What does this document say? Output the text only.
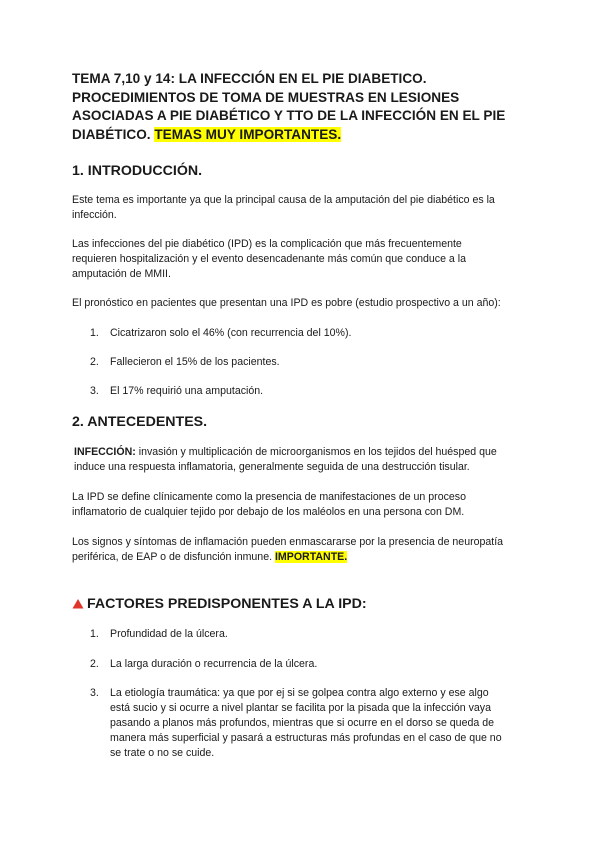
TEMA 7,10 y 14: LA INFECCIÓN EN EL PIE DIABETICO.
PROCEDIMIENTOS DE TOMA DE MUESTRAS EN LESIONES
ASOCIADAS A PIE DIABÉTICO Y TTO DE LA INFECCIÓN EN EL PIE
DIABÉTICO. TEMAS MUY IMPORTANTES.
1. INTRODUCCIÓN.

Este tema es importante ya que la principal causa de la amputación del pie diabético es la
infección.

Las infecciones del pie diabético (IPD) es la complicación que más frecuentemente
requieren hospitalización y el evento desencadenante más común que conduce a la
amputación de MMII.

El pronóstico en pacientes que presentan una IPD es pobre (estudio prospectivo a un año):

1.	Cicatrizaron solo el 46% (con recurrencia del 10%).
2.	Fallecieron el 15% de los pacientes.
3.	El 17% requirió una amputación.
2. ANTECEDENTES.

INFECCIÓN: invasión y multiplicación de microorganismos en los tejidos del huésped que
induce una respuesta inflamatoria, generalmente seguida de una destrucción tisular.

La IPD se define clínicamente como la presencia de manifestaciones de un proceso
inflamatorio de cualquier tejido por debajo de los maléolos en una persona con DM.

Los signos y síntomas de inflamación pueden enmascararse por la presencia de neuropatía
periférica, de EAP o de disfunción inmune. IMPORTANTE.

FACTORES PREDISPONENTES A LA IPD:
1.	Profundidad de la úlcera.
2.	La larga duración o recurrencia de la úlcera.
3.	La etiología traumática: ya que por ej si se golpea contra algo externo y ese algo
está sucio y si ocurre a nivel plantar se facilita por la pisada que la infección vaya
pasando a planos más profundos, mientras que si ocurre en el dorso se queda de
manera más superficial y pasará a estructuras más profundas en el caso de que no
se trate o no se cuide.
